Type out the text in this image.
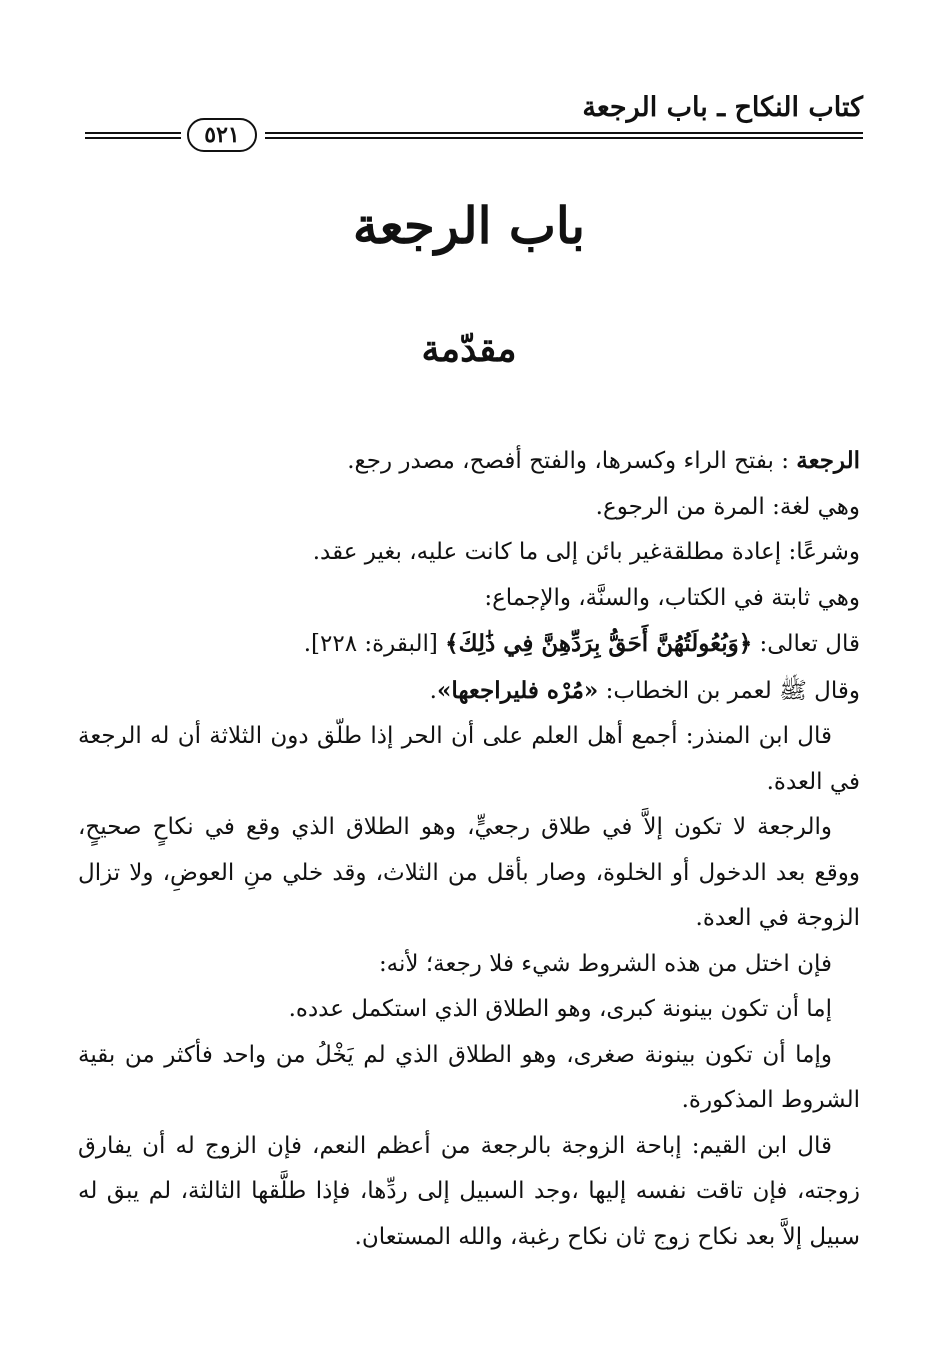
كتاب النكاح ـ باب الرجعة
٥٢١
باب الرجعة
مقدّمة

الرجعة : بفتح الراء وكسرها، والفتح أفصح، مصدر رجع.

وهي لغة: المرة من الرجوع.

وشرعًا: إعادة مطلقةغير بائن إلى ما كانت عليه، بغير عقد.

وهي ثابتة في الكتاب، والسنَّة، والإجماع:

قال تعالى: ﴿وَبُعُولَتُهُنَّ أَحَقُّ بِرَدِّهِنَّ فِي ذَٰلِكَ﴾ [البقرة: ٢٢٨].

وقال ﷺ لعمر بن الخطاب: «مُرْه فليراجعها».

قال ابن المنذر: أجمع أهل العلم على أن الحر إذا طلّق دون الثلاثة أن له الرجعة في العدة.

والرجعة لا تكون إلاَّ في طلاق رجعيٍّ، وهو الطلاق الذي وقع في نكاحٍ صحيحٍ، ووقع بعد الدخول أو الخلوة، وصار بأقل من الثلاث، وقد خلي منِ العوضِ، ولا تزال الزوجة في العدة.

فإن اختل من هذه الشروط شيء فلا رجعة؛ لأنه:

إما أن تكون بينونة كبرى، وهو الطلاق الذي استكمل عدده.

وإما أن تكون بينونة صغرى، وهو الطلاق الذي لم يَخْلُ من واحد فأكثر من بقية الشروط المذكورة.

قال ابن القيم: إباحة الزوجة بالرجعة من أعظم النعم، فإن الزوج له أن يفارق زوجته، فإن تاقت نفسه إليها ،وجد السبيل إلى ردِّها، فإذا طلَّقها الثالثة، لم يبق له سبيل إلاَّ بعد نكاح زوج ثان نكاح رغبة، والله المستعان.
